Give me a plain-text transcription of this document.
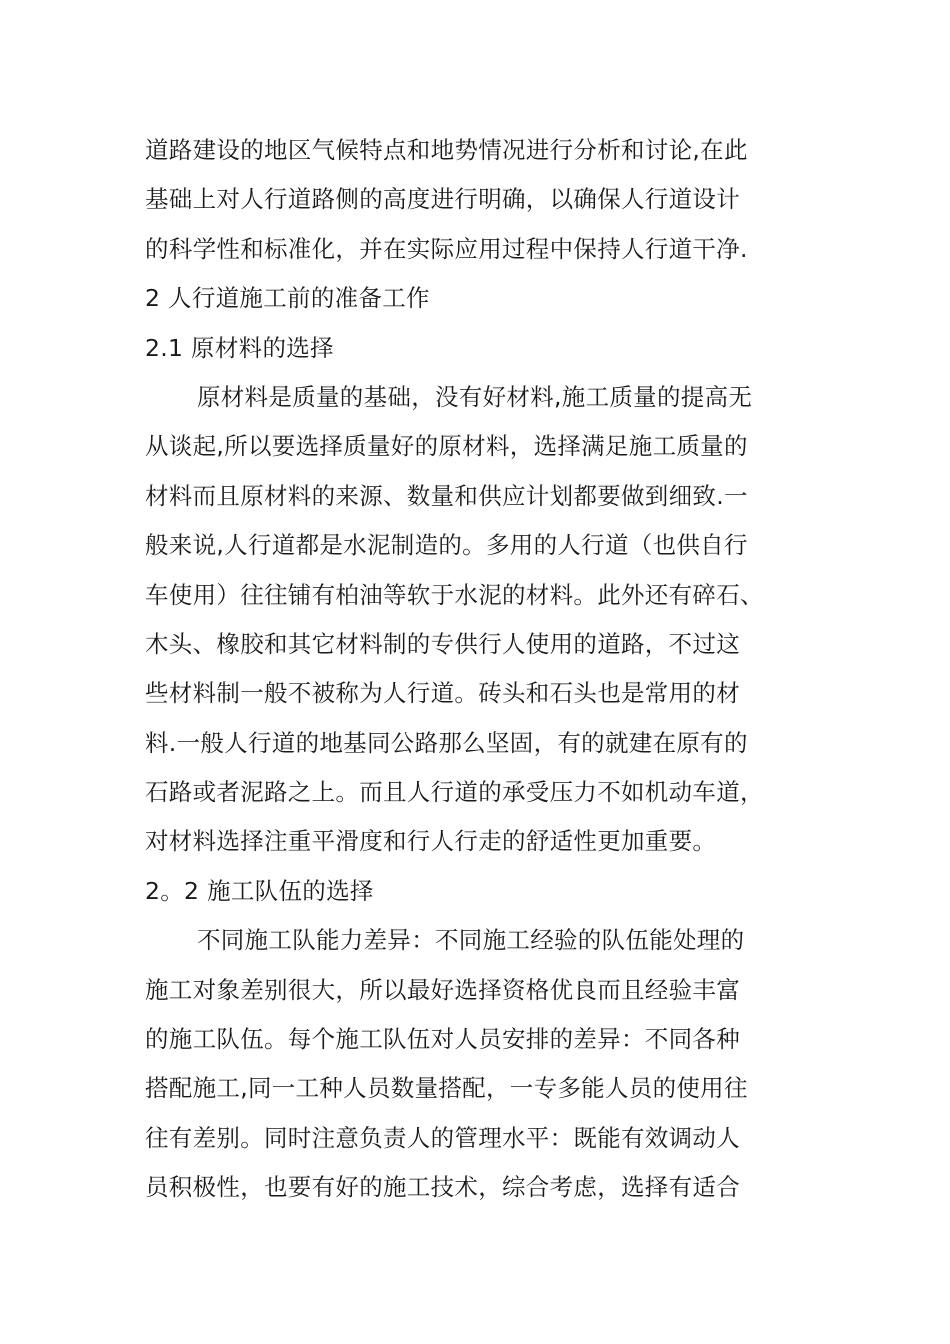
道路建设的地区气候特点和地势情况进行分析和讨论,在此
基础上对人行道路侧的高度进行明确，以确保人行道设计
的科学性和标准化，并在实际应用过程中保持人行道干净.
2 人行道施工前的准备工作
2.1 原材料的选择
原材料是质量的基础，没有好材料,施工质量的提高无
从谈起,所以要选择质量好的原材料，选择满足施工质量的
材料而且原材料的来源、数量和供应计划都要做到细致.一
般来说,人行道都是水泥制造的。多用的人行道（也供自行
车使用）往往铺有柏油等软于水泥的材料。此外还有碎石、
木头、橡胶和其它材料制的专供行人使用的道路，不过这
些材料制一般不被称为人行道。砖头和石头也是常用的材
料.一般人行道的地基同公路那么坚固，有的就建在原有的
石路或者泥路之上。而且人行道的承受压力不如机动车道，
对材料选择注重平滑度和行人行走的舒适性更加重要。
2。2 施工队伍的选择
不同施工队能力差异：不同施工经验的队伍能处理的
施工对象差别很大，所以最好选择资格优良而且经验丰富
的施工队伍。每个施工队伍对人员安排的差异：不同各种
搭配施工,同一工种人员数量搭配，一专多能人员的使用往
往有差别。同时注意负责人的管理水平：既能有效调动人
员积极性，也要有好的施工技术，综合考虑，选择有适合
